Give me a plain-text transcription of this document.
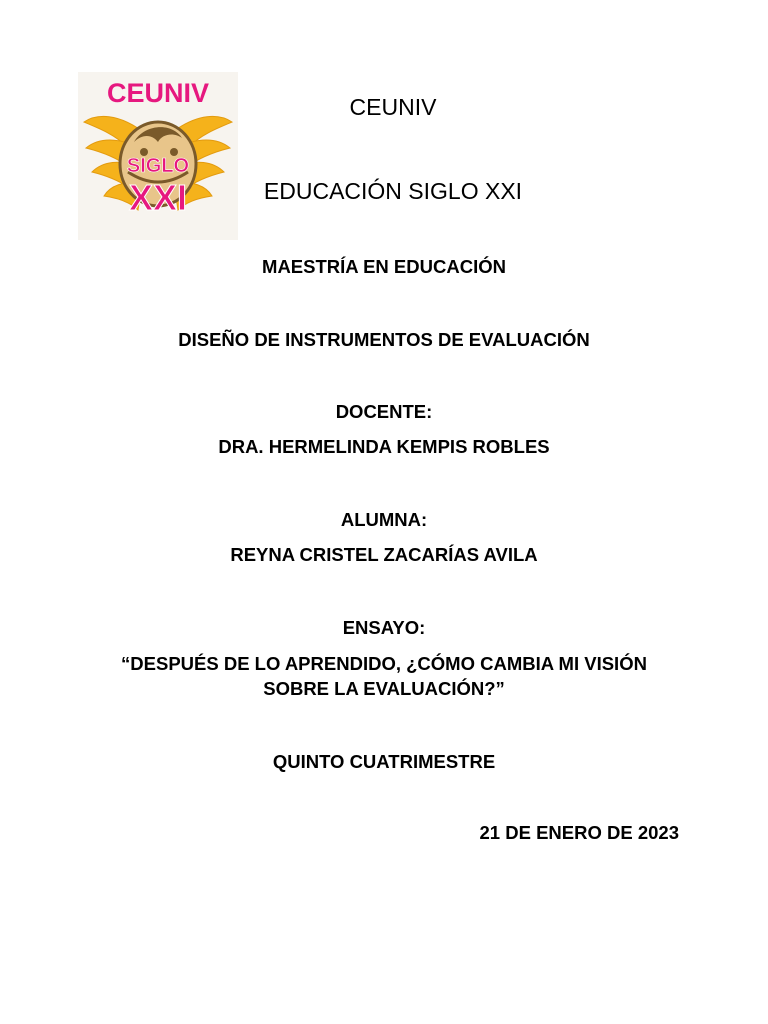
CEUNIV
SIGLO
XXI
CEUNIV
EDUCACIÓN SIGLO XXI
MAESTRÍA EN EDUCACIÓN
DISEÑO DE INSTRUMENTOS DE EVALUACIÓN
DOCENTE:
DRA. HERMELINDA KEMPIS ROBLES
ALUMNA:
REYNA CRISTEL ZACARÍAS AVILA
ENSAYO:
“DESPUÉS DE LO APRENDIDO, ¿CÓMO CAMBIA MI VISIÓN
SOBRE LA EVALUACIÓN?”
QUINTO CUATRIMESTRE
21 DE ENERO DE 2023
